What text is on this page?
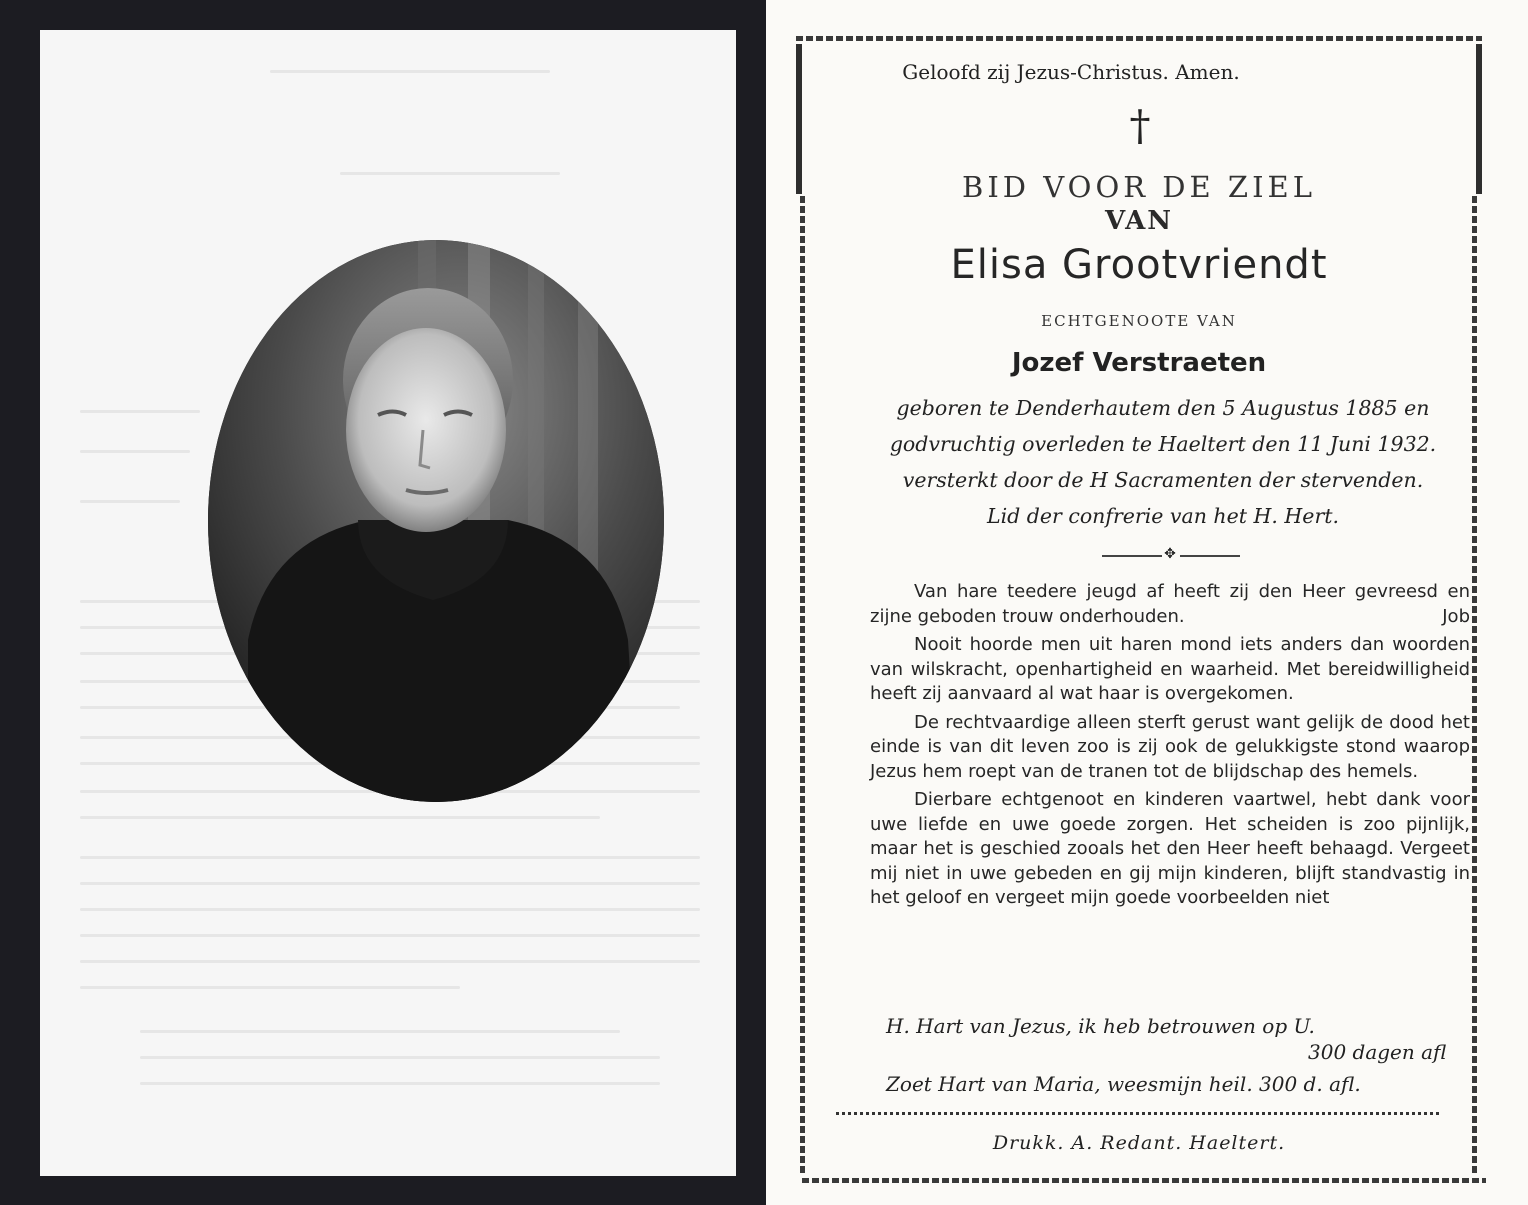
Geloofd zij Jezus-Christus. Amen.
†
BID VOOR DE ZIEL
VAN
Elisa Grootvriendt
ECHTGENOOTE VAN
Jozef Verstraeten
geboren te Denderhautem den 5 Augustus 1885 en
godvruchtig overleden te Haeltert den 11 Juni 1932.
versterkt door de H Sacramenten der stervenden.
Lid der confrerie van het H. Hert.
✥

Van hare teedere jeugd af heeft zij den Heer gevreesd en zijne geboden trouw onderhouden.	Job

Nooit hoorde men uit haren mond iets anders dan woorden van wilskracht, openhartigheid en waarheid. Met bereidwilligheid heeft zij aanvaard al wat haar is overgekomen.

De rechtvaardige alleen sterft gerust want gelijk de dood het einde is van dit leven zoo is zij ook de gelukkigste stond waarop Jezus hem roept van de tranen tot de blijdschap des hemels.

Dierbare echtgenoot en kinderen vaartwel, hebt dank voor uwe liefde en uwe goede zorgen. Het scheiden is zoo pijnlijk, maar het is geschied zooals het den Heer heeft behaagd. Vergeet mij niet in uwe gebeden en gij mijn kinderen, blijft standvastig in het geloof en vergeet mijn goede voorbeelden niet

H. Hart van Jezus, ik heb betrouwen op U.
300 dagen afl
Zoet Hart van Maria, weesmijn heil. 300 d. afl.
Drukk. A. Redant. Haeltert.
